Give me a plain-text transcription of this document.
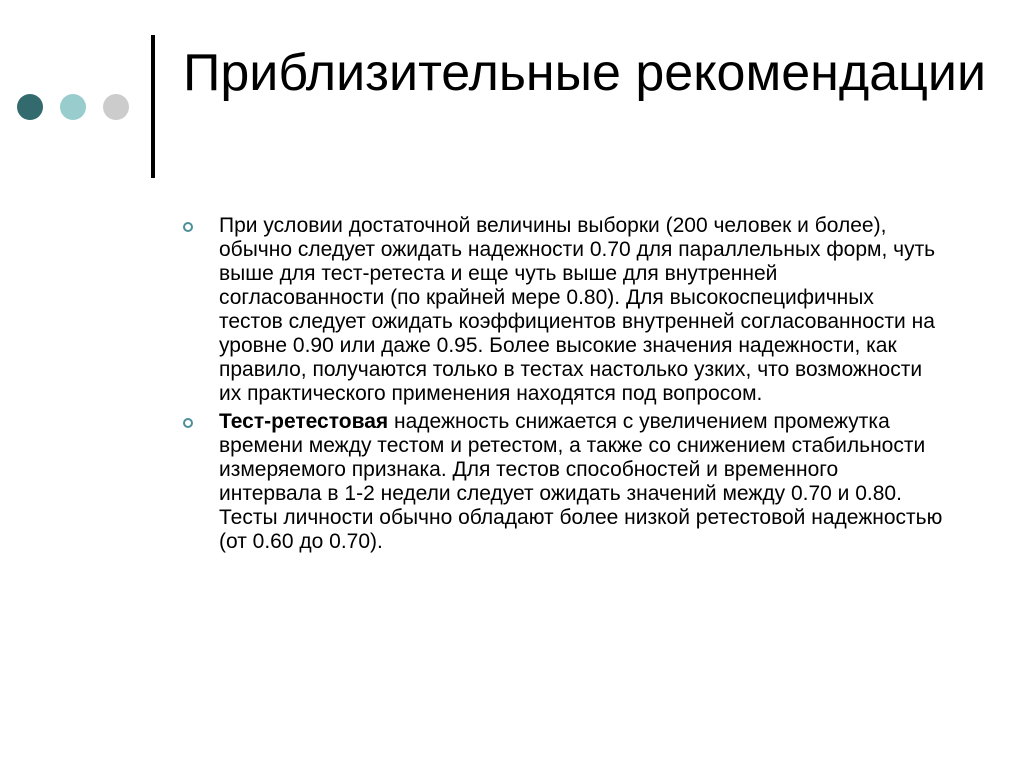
Приблизительные рекомендации
При условии достаточной величины выборки (200 человек и более), обычно следует ожидать надежности 0.70 для параллельных форм, чуть выше для тест-ретеста и еще чуть выше для внутренней согласованности (по крайней мере 0.80). Для высокоспецифичных тестов следует ожидать коэффициентов внутренней согласованности на уровне 0.90 или даже 0.95. Более высокие значения надежности, как правило, получаются только в тестах настолько узких, что возможности их практического применения находятся под вопросом.
Тест-ретестовая надежность снижается с увеличением промежутка времени между тестом и ретестом, а также со снижением стабильности измеряемого признака. Для тестов способностей и временного интервала в 1-2 недели следует ожидать значений между 0.70 и 0.80. Тесты личности обычно обладают более низкой ретестовой надежностью (от 0.60 до 0.70).
